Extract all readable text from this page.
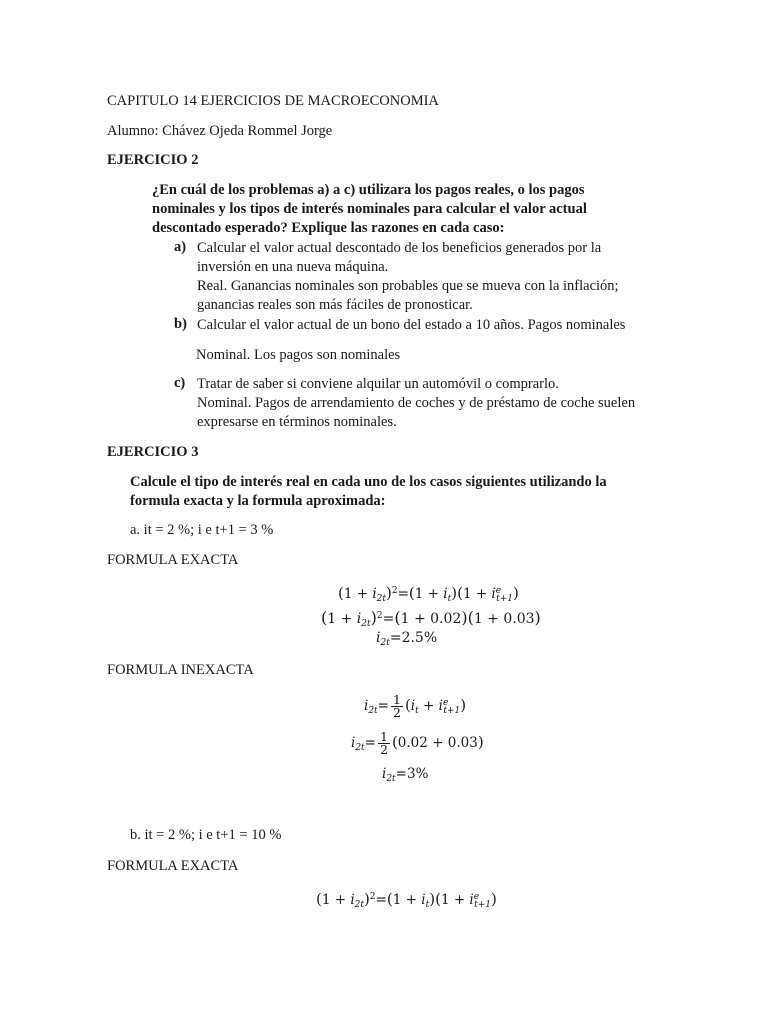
CAPITULO 14 EJERCICIOS DE MACROECONOMIA
Alumno: Chávez Ojeda Rommel Jorge
EJERCICIO 2
¿En cuál de los problemas a) a c) utilizara los pagos reales, o los pagos
nominales y los tipos de interés nominales para calcular el valor actual
descontado esperado? Explique las razones en cada caso:
a) Calcular el valor actual descontado de los beneficios generados por la
inversión en una nueva máquina.
Real. Ganancias nominales son probables que se mueva con la inflación;
ganancias reales son más fáciles de pronosticar.
b) Calcular el valor actual de un bono del estado a 10 años. Pagos nominales
Nominal. Los pagos son nominales
c) Tratar de saber si conviene alquilar un automóvil o comprarlo.
Nominal. Pagos de arrendamiento de coches y de préstamo de coche suelen
expresarse en términos nominales.
EJERCICIO 3
Calcule el tipo de interés real en cada uno de los casos siguientes utilizando la
formula exacta y la formula aproximada:
a. it = 2 %; i e t+1 = 3 %
FORMULA EXACTA
$(1 + i_{2t})^2=(1 + i_t)(1 + i^e_{t+1})$
$(1 + i_{2t})^2=(1 + 0.02)(1 + 0.03)$
$i_{2t}=2.5\%$
FORMULA INEXACTA
$i_{2t}= \frac{1}{2} (i_t + i^e_{t+1})$
$i_{2t}= \frac{1}{2} (0.02 + 0.03)$
$i_{2t}=3\%$
b. it = 2 %; i e t+1 = 10 %
FORMULA EXACTA
$(1 + i_{2t})^2=(1 + i_t)(1 + i^e_{t+1})$
